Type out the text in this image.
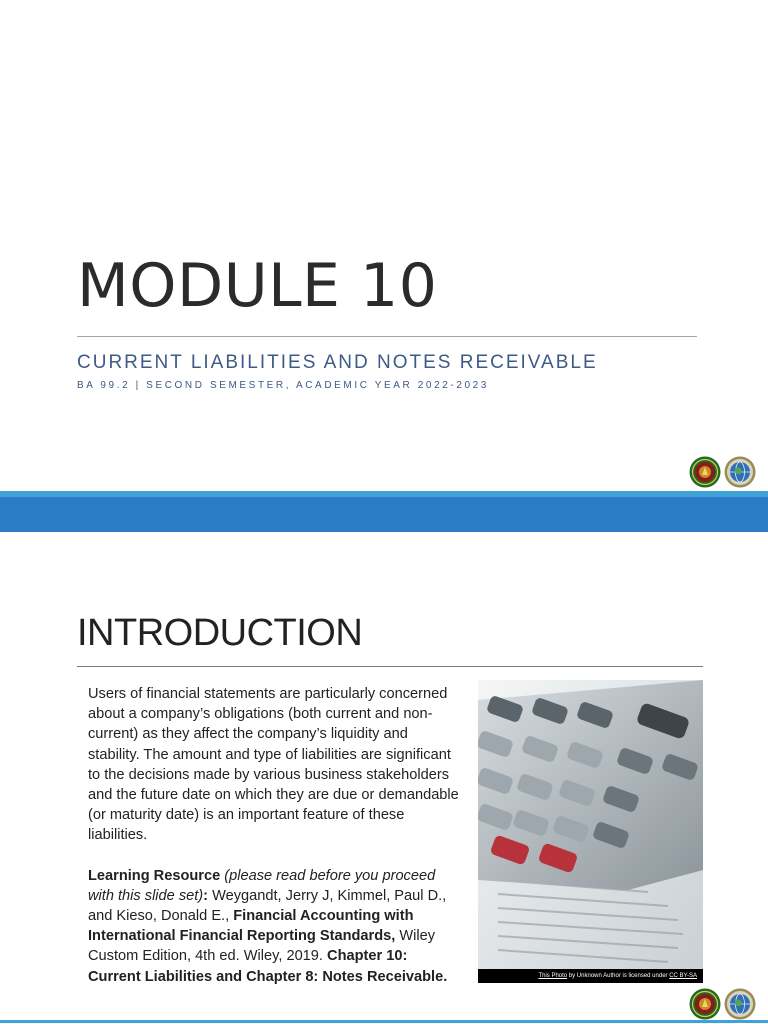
MODULE 10
CURRENT LIABILITIES AND NOTES RECEIVABLE
BA 99.2 | SECOND SEMESTER, ACADEMIC YEAR 2022-2023
INTRODUCTION

Users of financial statements are particularly concerned about a company’s obligations (both current and non-current) as they affect the company’s liquidity and stability. The amount and type of liabilities are significant to the decisions made by various business stakeholders and the future date on which they are due or demandable (or maturity date) is an important feature of these liabilities.

Learning Resource (please read before you proceed with this slide set): Weygandt, Jerry J, Kimmel, Paul D., and Kieso, Donald E., Financial Accounting with International Financial Reporting Standards, Wiley Custom Edition, 4th ed. Wiley, 2019. Chapter 10: Current Liabilities and Chapter 8: Notes Receivable.	This Photo by Unknown Author is licensed under CC BY-SA
